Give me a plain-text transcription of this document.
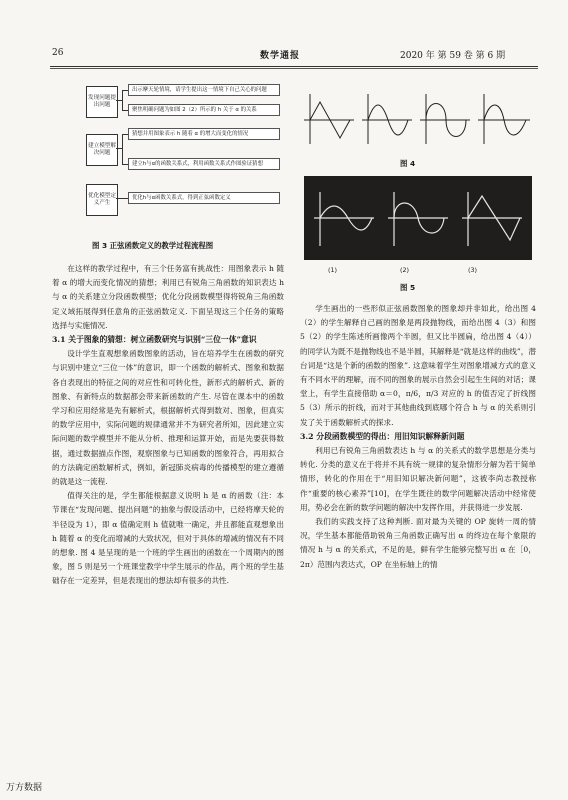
26	数学通报	2020 年 第 59 卷 第 6 期
发现问题提出问题
建立模型解决问题
优化模型定义产生
出示摩天轮情境，请学生提出这一情境下自己关心的问题
聚焦明确问题为如图 2（2）所示的 h 关于 α 的关系
猜想并用图象表示 h 随着 α 的增大而变化的情况
建立h与α的函数关系式，利用函数关系式作图验证猜想
优化h与α函数关系式，得到正弦函数定义
图 3 正弦函数定义的教学过程流程图

在这样的教学过程中，有三个任务富有挑战性：用图象表示 h 随着 α 的增大而变化情况的猜想；利用已有锐角三角函数的知识表达 h 与 α 的关系建立分段函数模型；优化分段函数模型得将锐角三角函数定义域拓展得到任意角的正弦函数定义. 下面呈现这三个任务的策略选择与实施情况.

3.1 关于图象的猜想：树立函数研究与识别“三位一体”意识

设计学生直观想象函数图象的活动，旨在培养学生在函数的研究与识别中建立“三位一体”的意识，即一个函数的解析式、图象和数据各自表现出的特征之间的对应性和可转化性，新形式的解析式、新的图象、有新特点的数据都会带来新函数的产生. 尽管在课本中的函数学习和应用经常是先有解析式，根据解析式得到数对、图象，但真实的数学应用中，实际问题的规律通常并不为研究者所知，因此建立实际问题的数学模型并不能从分析、推理和运算开始，而是先要获得数据，通过数据描点作图，观察图象与已知函数的图象符合，再用拟合的方法确定函数解析式，例如，新冠肺炎病毒的传播模型的建立遵循的就是这一流程.

值得关注的是，学生都能根据意义说明 h 是 α 的函数（注：本节课在“发现问题、提出问题”的抽象与假设活动中，已经将摩天轮的半径设为 1），即 α 值确定则 h 值就唯一确定，并且都能直观想象出 h 随着 α 的变化而增减的大致状况，但对于具体的增减的情况有不同的想象. 图 4 是呈现的是一个班的学生画出的函数在一个周期内的图象，图 5 则是另一个班课堂教学中学生展示的作品，两个班的学生基础存在一定差异，但是表现出的想法却有很多的共性.

图 4
(1)	(2)	(3)
图 5

学生画出的一些形似正弦函数图象的图象却并非如此，给出图 4（2）的学生解释自己画的图象是两段抛物线，而给出图 4（3）和图 5（2）的学生陈述所画像两个半圆，但又比半圆扁，给出图 4（4））的同学认为既不是抛物线也不是半圆，其解释是“就是这样的曲线”，潜台词是“这是个新的函数的图象”. 这意味着学生对图象增减方式的意义有不同水平的理解，而不同的图象的展示自然会引起生生间的对话；课堂上，有学生直接借助 α＝0，π/6，π/3 对应的 h 的值否定了折线图 5（3）所示的折线，而对于其他曲线到底哪个符合 h 与 α 的关系则引发了关于函数解析式的探求.

3.2 分段函数模型的得出：用旧知识解释新问题

利用已有锐角三角函数表达 h 与 α 的关系式的数学思想是分类与转化. 分类的意义在于将并不具有统一规律的复杂情形分解为若干简单情形，转化的作用在于“用旧知识解决新问题”，这被李尚志教授称作“重要的核心素养”[10]，在学生既往的数学问题解决活动中经常使用，势必会在新的数学问题的解决中发挥作用，并获得进一步发展.

我们的实践支持了这种判断. 面对最为关键的 OP 旋转一周的情况，学生基本都能借助锐角三角函数正确写出 α 的终边在每个象限的情况 h 与 α 的关系式，不足的是，鲜有学生能够完整写出 α 在［0，2π）范围内表达式，OP 在坐标轴上的情

万方数据
